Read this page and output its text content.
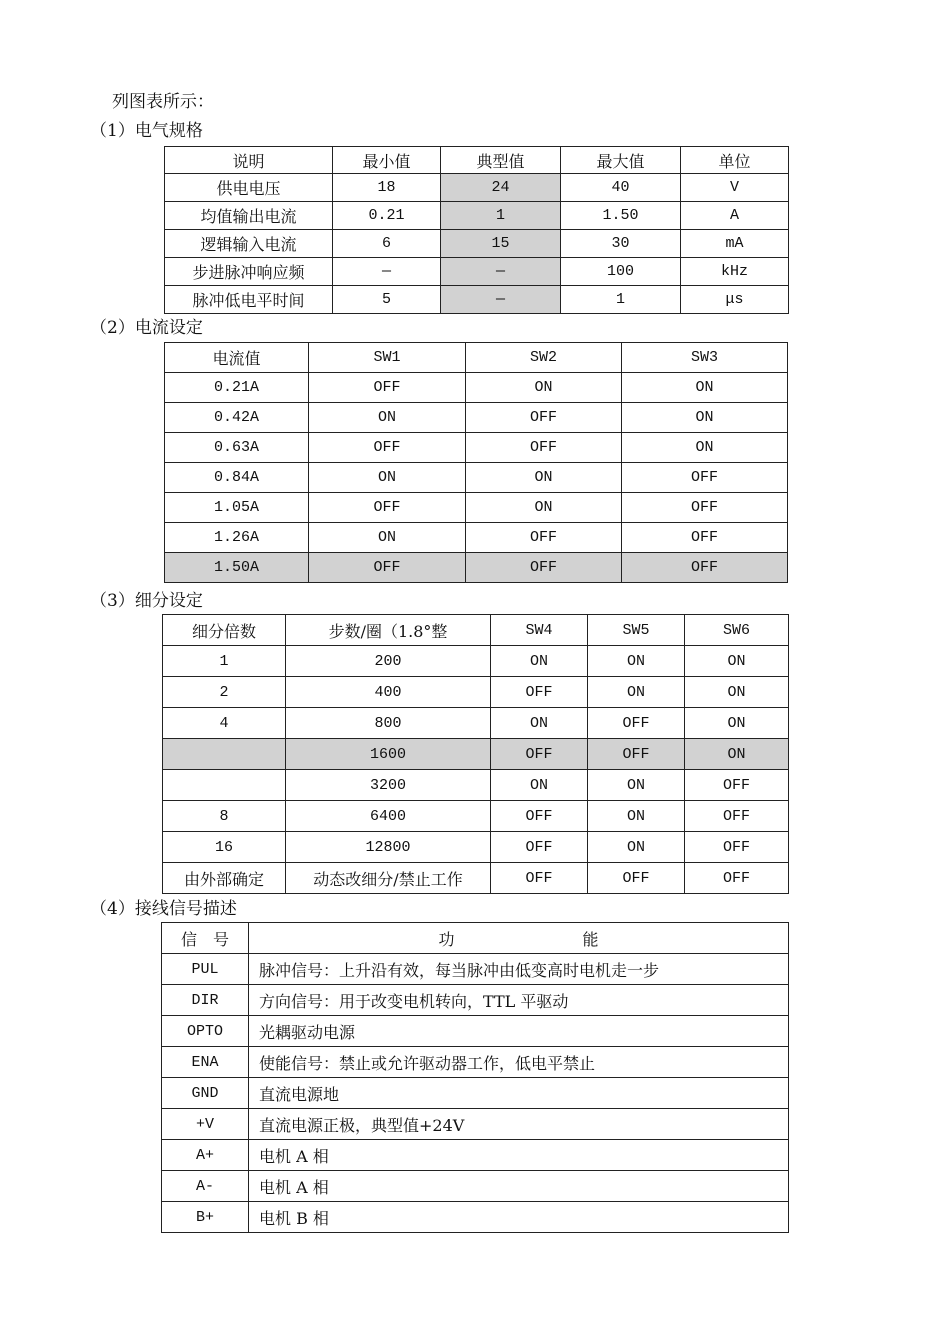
列图表所示：
（1）电气规格
说明	最小值	典型值	最大值	单位
供电电压	18	24	40	V
均值输出电流	0.21	1	1.50	A
逻辑输入电流	6	15	30	mA
步进脉冲响应频	—	—	100	kHz
脉冲低电平时间	5	—	1	μs
（2）电流设定
电流值	SW1	SW2	SW3
0.21A	OFF	ON	ON
0.42A	ON	OFF	ON
0.63A	OFF	OFF	ON
0.84A	ON	ON	OFF
1.05A	OFF	ON	OFF
1.26A	ON	OFF	OFF
1.50A	OFF	OFF	OFF
（3）细分设定
细分倍数	步数/圈（1.8°整	SW4	SW5	SW6
1	200	ON	ON	ON
2	400	OFF	ON	ON
4	800	ON	OFF	ON
	1600	OFF	OFF	ON
	3200	ON	ON	OFF
8	6400	OFF	ON	OFF
16	12800	OFF	ON	OFF
由外部确定	动态改细分/禁止工作	OFF	OFF	OFF
（4）接线信号描述
信　号	功　　　　　　　　能
PUL	脉冲信号：上升沿有效，每当脉冲由低变高时电机走一步
DIR	方向信号：用于改变电机转向，TTL 平驱动
OPTO	光耦驱动电源
ENA	使能信号：禁止或允许驱动器工作，低电平禁止
GND	直流电源地
+V	直流电源正极，典型值+24V
A+	电机 A 相
A-	电机 A 相
B+	电机 B 相
